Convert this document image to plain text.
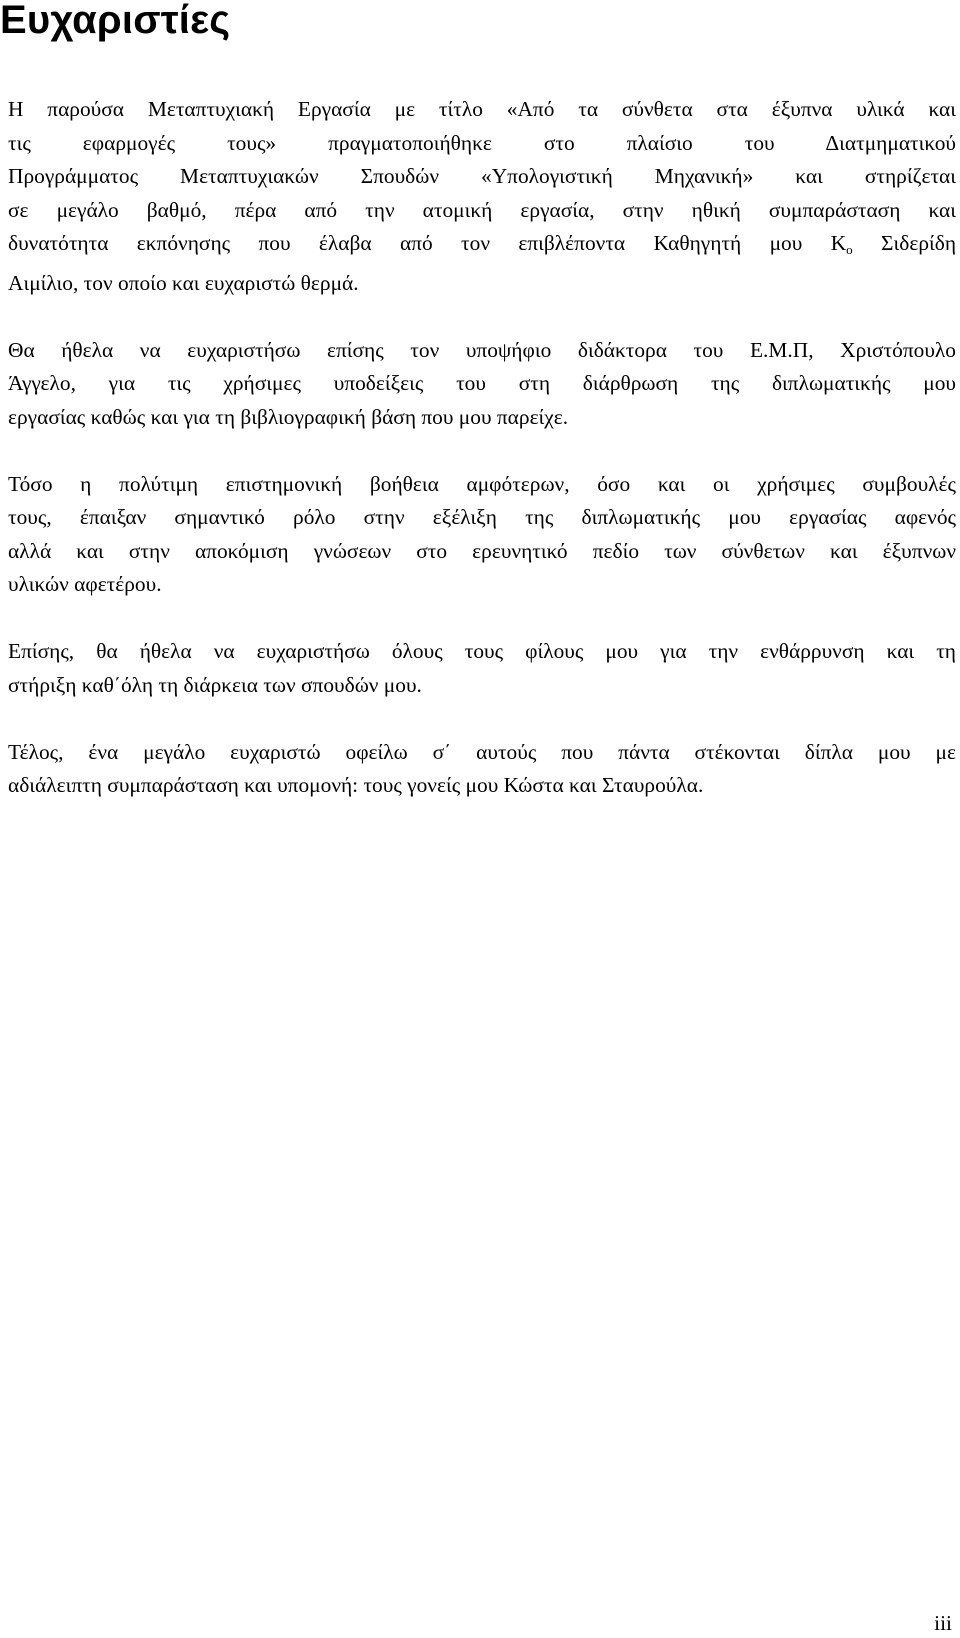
Ευχαριστίες

Η παρούσα Μεταπτυχιακή Εργασία με τίτλο «Από τα σύνθετα στα έξυπνα υλικά και
τις εφαρμογές τους» πραγματοποιήθηκε στο πλαίσιο του Διατμηματικού
Προγράμματος Μεταπτυχιακών Σπουδών «Υπολογιστική Μηχανική» και στηρίζεται
σε μεγάλο βαθμό, πέρα από την ατομική εργασία, στην ηθική συμπαράσταση και
δυνατότητα εκπόνησης που έλαβα από τον επιβλέποντα Καθηγητή μου $K_o$ Σιδερίδη
Αιμίλιο, τον οποίο και ευχαριστώ θερμά.

Θα ήθελα να ευχαριστήσω επίσης τον υποψήφιο διδάκτορα του Ε.Μ.Π, Χριστόπουλο
Άγγελο, για τις χρήσιμες υποδείξεις του στη διάρθρωση της διπλωματικής μου
εργασίας καθώς και για τη βιβλιογραφική βάση που μου παρείχε.

Τόσο η πολύτιμη επιστημονική βοήθεια αμφότερων, όσο και οι χρήσιμες συμβουλές
τους, έπαιξαν σημαντικό ρόλο στην εξέλιξη της διπλωματικής μου εργασίας αφενός
αλλά και στην αποκόμιση γνώσεων στο ερευνητικό πεδίο των σύνθετων και έξυπνων
υλικών αφετέρου.

Επίσης, θα ήθελα να ευχαριστήσω όλους τους φίλους μου για την ενθάρρυνση και τη
στήριξη καθ΄όλη τη διάρκεια των σπουδών μου.

Τέλος, ένα μεγάλο ευχαριστώ οφείλω σ΄ αυτούς που πάντα στέκονται δίπλα μου με
αδιάλειπτη συμπαράσταση και υπομονή: τους γονείς μου Κώστα και Σταυρούλα.

iii
